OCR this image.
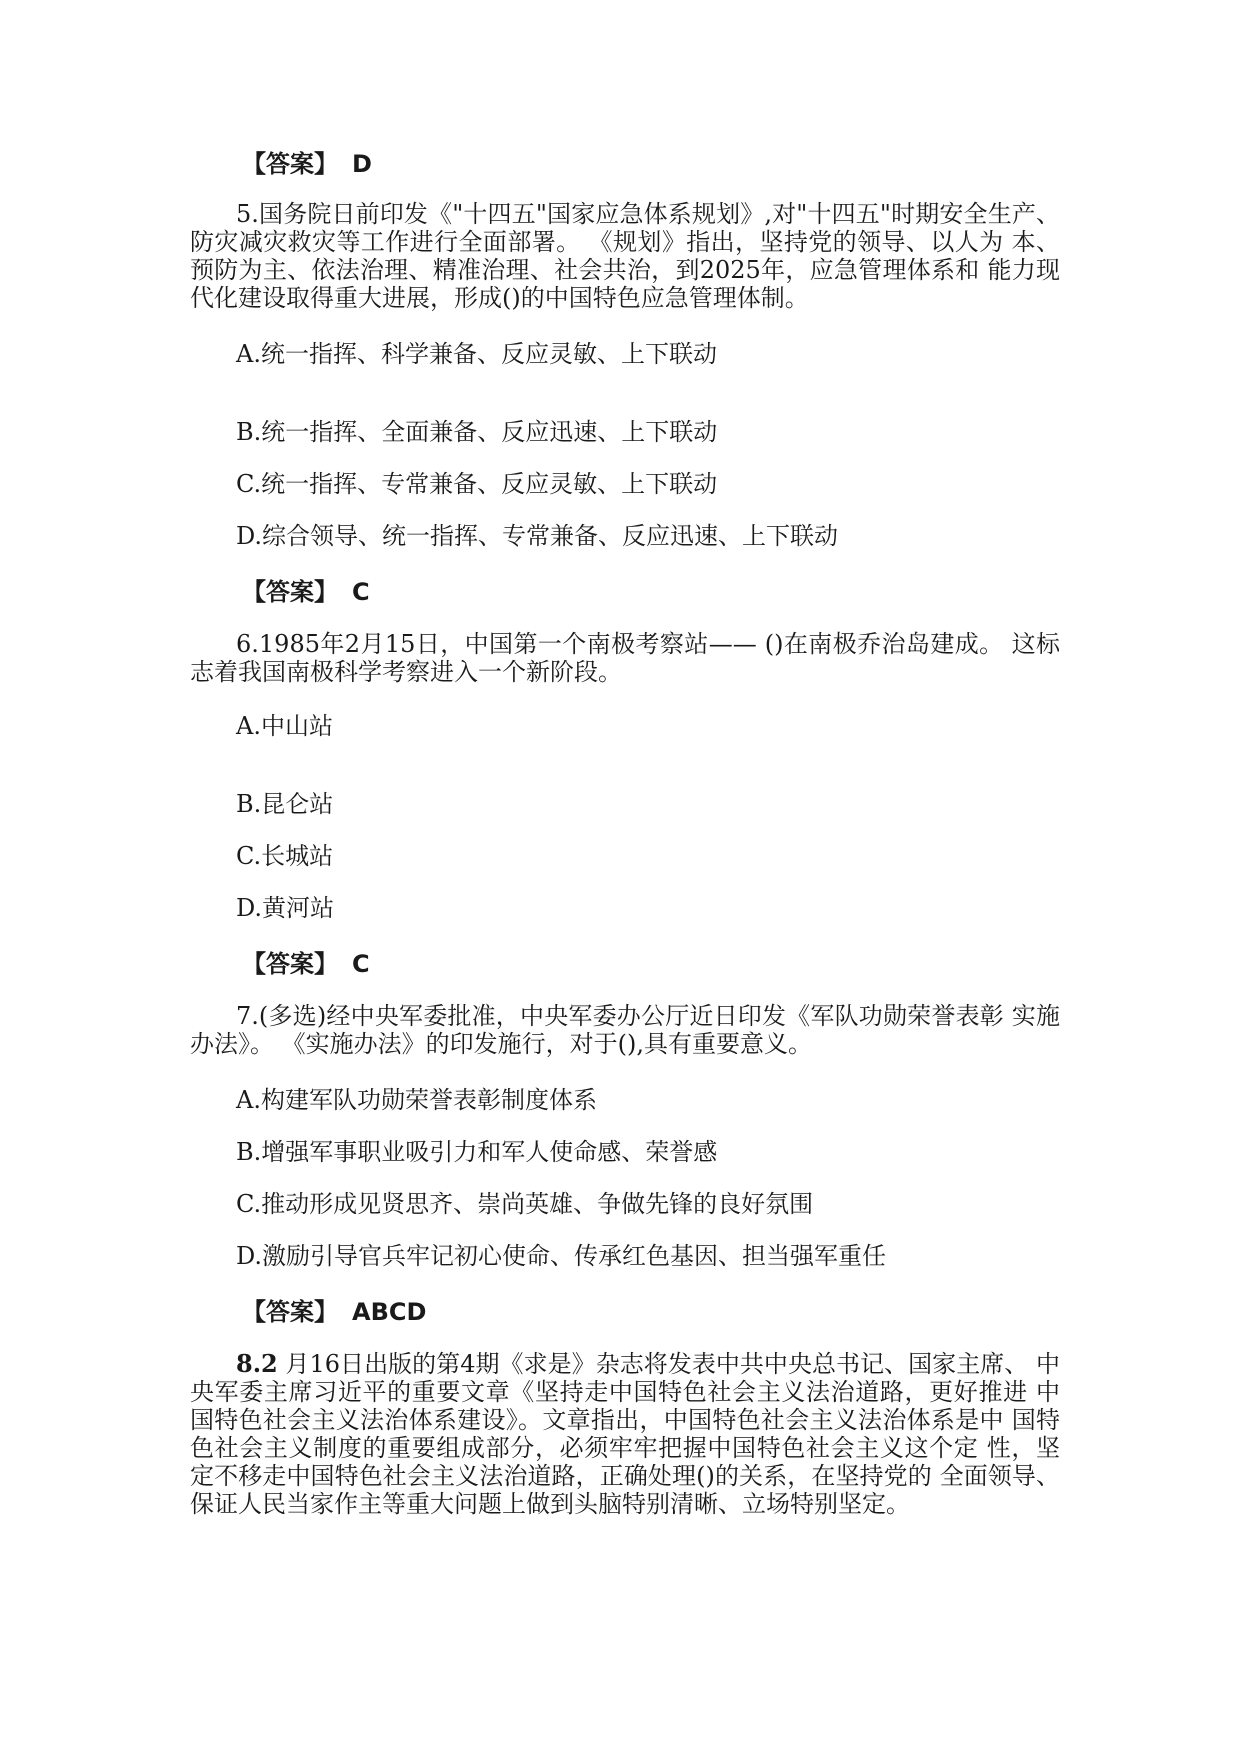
【答案】 D
5.国务院日前印发《"十四五"国家应急体系规划》,对"十四五"时期安全生产、防灾减灾救灾等工作进行全面部署。 《规划》指出，坚持党的领导、以人为 本、预防为主、依法治理、精准治理、社会共治，到2025年，应急管理体系和 能力现代化建设取得重大进展，形成()的中国特色应急管理体制。
A.统一指挥、科学兼备、反应灵敏、上下联动
B.统一指挥、全面兼备、反应迅速、上下联动
C.统一指挥、专常兼备、反应灵敏、上下联动
D.综合领导、统一指挥、专常兼备、反应迅速、上下联动
【答案】 C
6.1985年2月15日，中国第一个南极考察站—— ()在南极乔治岛建成。 这标志着我国南极科学考察进入一个新阶段。
A.中山站
B.昆仑站
C.长城站
D.黄河站
【答案】 C
7.(多选)经中央军委批准，中央军委办公厅近日印发《军队功勋荣誉表彰 实施办法》。 《实施办法》的印发施行，对于(),具有重要意义。
A.构建军队功勋荣誉表彰制度体系
B.增强军事职业吸引力和军人使命感、荣誉感
C.推动形成见贤思齐、崇尚英雄、争做先锋的良好氛围
D.激励引导官兵牢记初心使命、传承红色基因、担当强军重任
【答案】 ABCD
8.2 月16日出版的第4期《求是》杂志将发表中共中央总书记、国家主席、 中央军委主席习近平的重要文章《坚持走中国特色社会主义法治道路，更好推进 中国特色社会主义法治体系建设》。文章指出，中国特色社会主义法治体系是中 国特色社会主义制度的重要组成部分，必须牢牢把握中国特色社会主义这个定 性，坚定不移走中国特色社会主义法治道路，正确处理()的关系，在坚持党的 全面领导、保证人民当家作主等重大问题上做到头脑特别清晰、立场特别坚定。
